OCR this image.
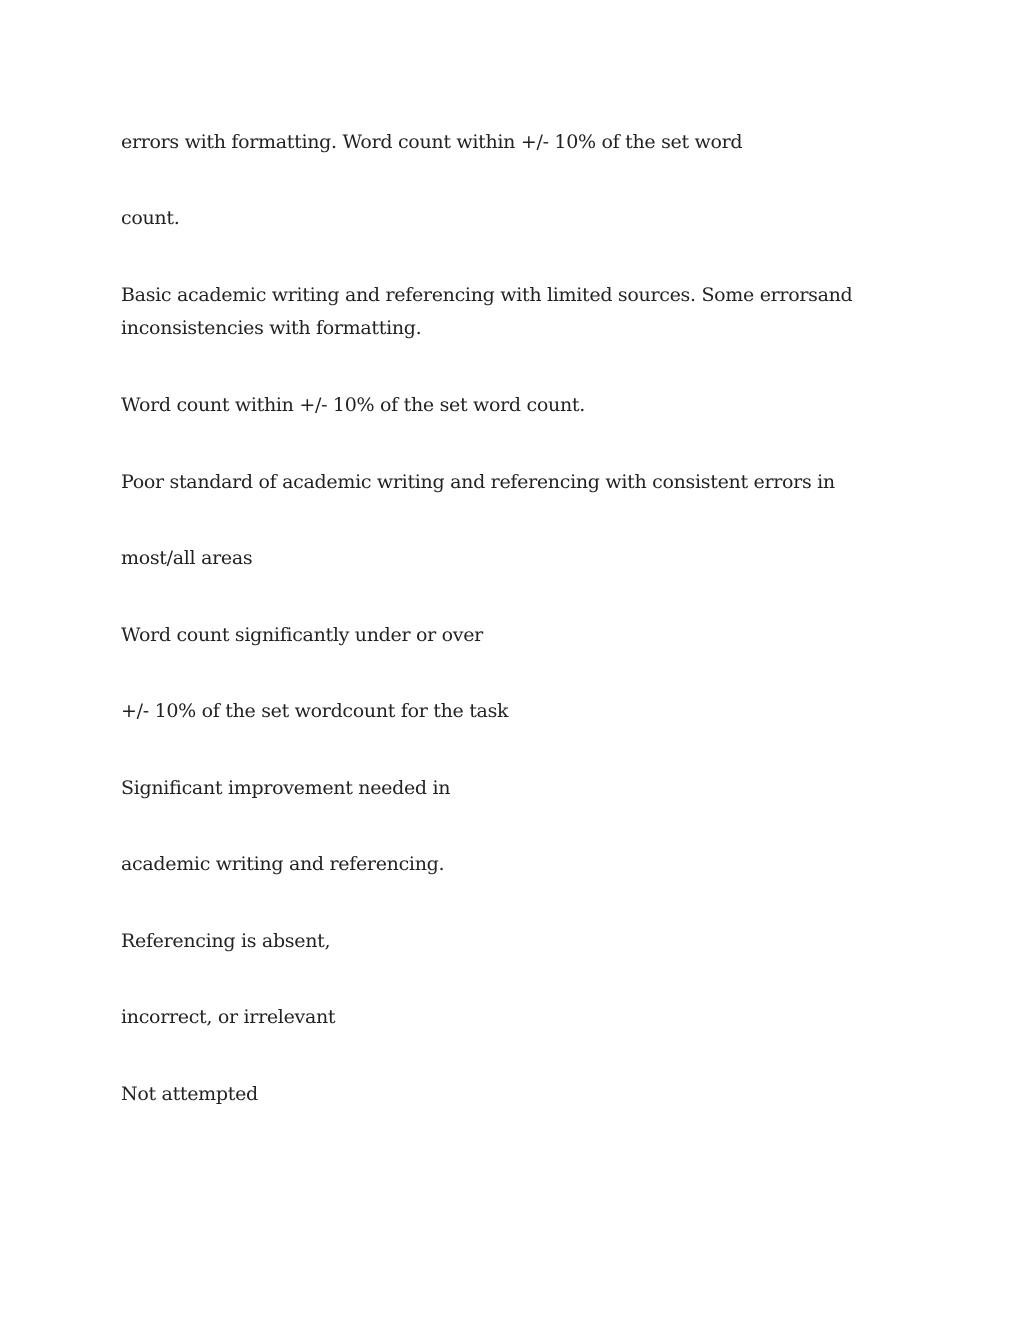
errors with formatting. Word count within +/- 10% of the set word

count.

Basic academic writing and referencing with limited sources. Some errorsand inconsistencies with formatting.

Word count within +/- 10% of the set word count.

Poor standard of academic writing and referencing with consistent errors in

most/all areas

Word count significantly under or over

+/- 10% of the set wordcount for the task

Significant improvement needed in

academic writing and referencing.

Referencing is absent,

incorrect, or irrelevant

Not attempted
